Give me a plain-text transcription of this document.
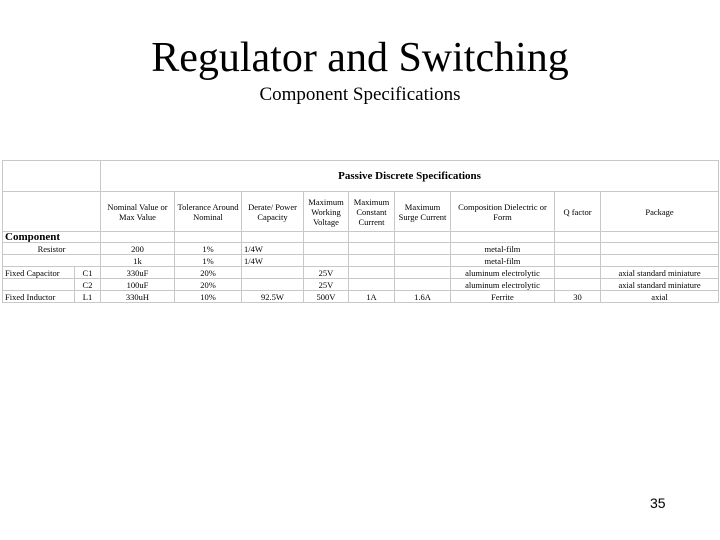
Regulator and Switching
Component Specifications
		Passive Discrete Specifications								
		Nominal Value or Max Value	Tolerance Around Nominal	Derate/ Power Capacity	Maximum Working Voltage	Maximum Constant Current	Maximum Surge Current	Composition Dielectric or Form	Q factor	Package
Component										
Resistor		200	1%	1/4W				metal-film		
		1k	1%	1/4W				metal-film		
Fixed Capacitor	C1	330uF	20%		25V			aluminum electrolytic		axial standard miniature
	C2	100uF	20%		25V			aluminum electrolytic		axial standard miniature
Fixed Inductor	L1	330uH	10%	92.5W	500V	1A	1.6A	Ferrite	30	axial
35
